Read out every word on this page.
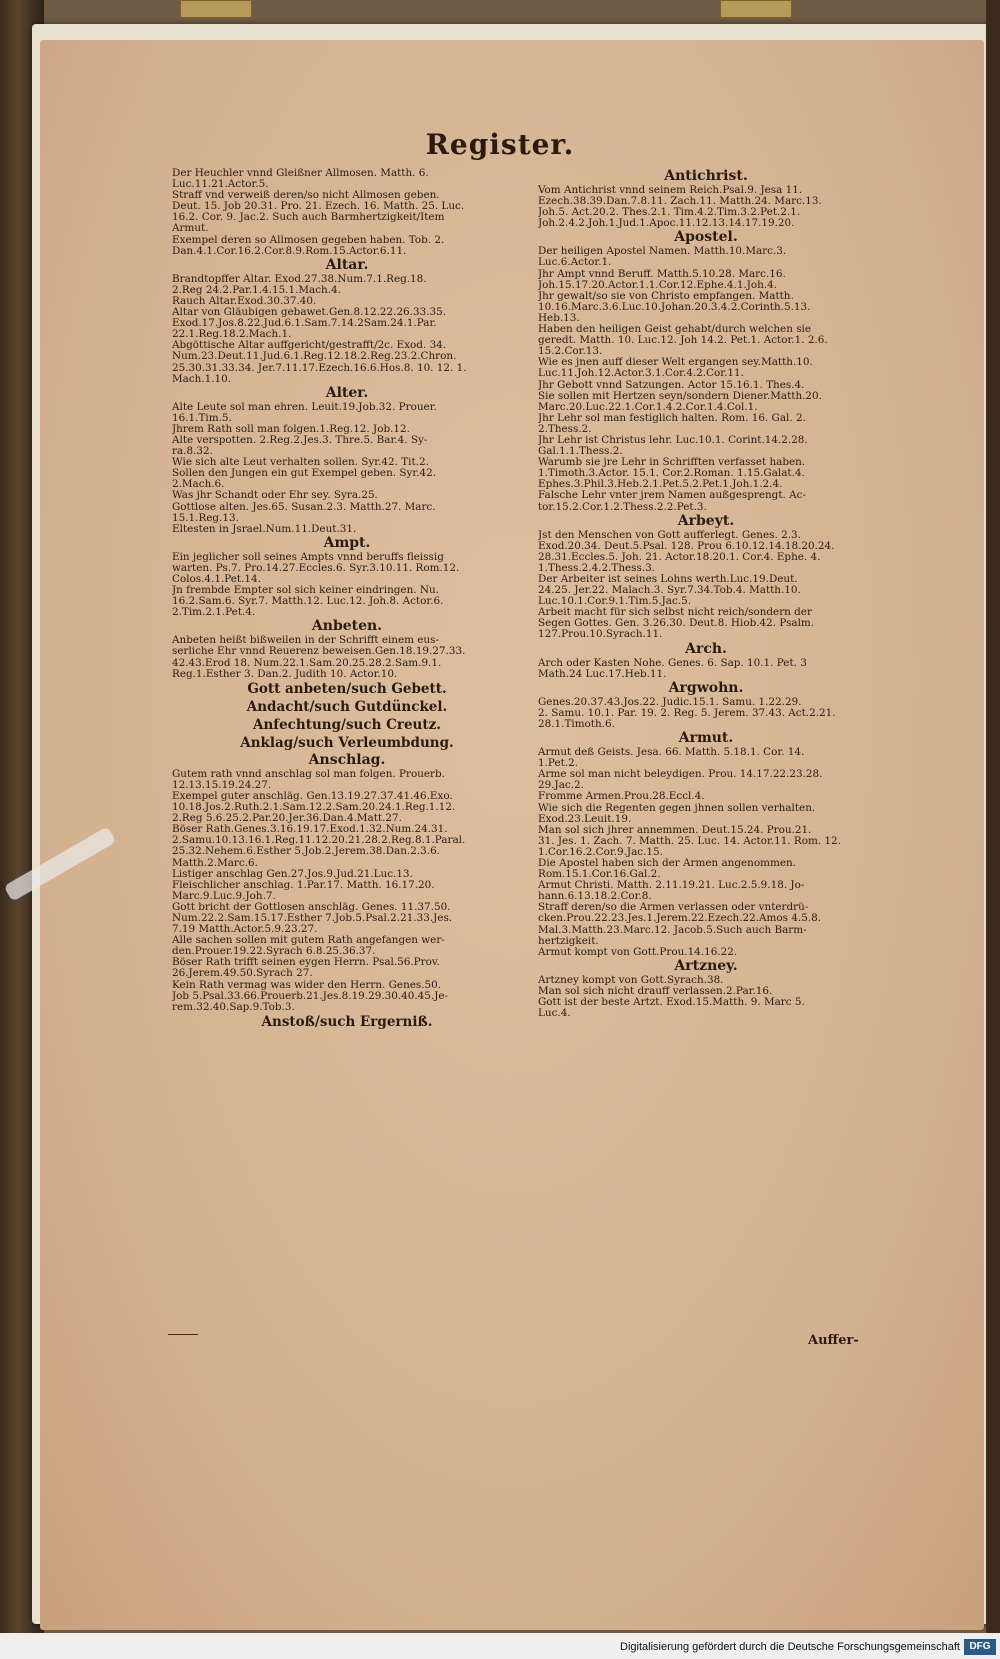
Register.
Der Heuchler vnnd Gleißner Allmosen. Matth. 6.
Luc.11.21.Actor.5.
Straff vnd verweiß deren/so nicht Allmosen geben.
Deut. 15. Job 20.31. Pro. 21. Ezech. 16. Matth. 25. Luc.
16.2. Cor. 9. Jac.2. Such auch Barmhertzigkeit/Item
Armut.
Exempel deren so Allmosen gegeben haben. Tob. 2.
Dan.4.1.Cor.16.2.Cor.8.9.Rom.15.Actor.6.11.
Altar.
Brandtopffer Altar. Exod.27.38.Num.7.1.Reg.18.
2.Reg 24.2.Par.1.4.15.1.Mach.4.
Rauch Altar.Exod.30.37.40.
Altar von Gläubigen gebawet.Gen.8.12.22.26.33.35.
Exod.17.Jos.8.22.Jud.6.1.Sam.7.14.2Sam.24.1.Par.
22.1.Reg.18.2.Mach.1.
Abgöttische Altar auffgericht/gestrafft/2c. Exod. 34.
Num.23.Deut.11.Jud.6.1.Reg.12.18.2.Reg.23.2.Chron.
25.30.31.33.34. Jer.7.11.17.Ezech.16.6.Hos.8. 10. 12. 1.
Mach.1.10.
Alter.
Alte Leute sol man ehren. Leuit.19.Job.32. Prouer.
16.1.Tim.5.
Jhrem Rath soll man folgen.1.Reg.12. Job.12.
Alte verspotten. 2.Reg.2.Jes.3. Thre.5. Bar.4. Sy-
ra.8.32.
Wie sich alte Leut verhalten sollen. Syr.42. Tit.2.
Sollen den Jungen ein gut Exempel geben. Syr.42.
2.Mach.6.
Was jhr Schandt oder Ehr sey. Syra.25.
Gottlose alten. Jes.65. Susan.2.3. Matth.27. Marc.
15.1.Reg.13.
Eltesten in Jsrael.Num.11.Deut.31.
Ampt.
Ein jeglicher soll seines Ampts vnnd beruffs fleissig
warten. Ps.7. Pro.14.27.Eccles.6. Syr.3.10.11. Rom.12.
Colos.4.1.Pet.14.
Jn frembde Empter sol sich keiner eindringen. Nu.
16.2.Sam.6. Syr.7. Matth.12. Luc.12. Joh.8. Actor.6.
2.Tim.2.1.Pet.4.
Anbeten.
Anbeten heißt bißweilen in der Schrifft einem eus-
serliche Ehr vnnd Reuerenz beweisen.Gen.18.19.27.33.
42.43.Erod 18. Num.22.1.Sam.20.25.28.2.Sam.9.1.
Reg.1.Esther 3. Dan.2. Judith 10. Actor.10.
Gott anbeten/such Gebett.
Andacht/such Gutdünckel.
Anfechtung/such Creutz.
Anklag/such Verleumbdung.
Anschlag.
Gutem rath vnnd anschlag sol man folgen. Prouerb.
12.13.15.19.24.27.
Exempel guter anschläg. Gen.13.19.27.37.41.46.Exo.
10.18.Jos.2.Ruth.2.1.Sam.12.2.Sam.20.24.1.Reg.1.12.
2.Reg 5.6.25.2.Par.20.Jer.36.Dan.4.Matt.27.
Böser Rath.Genes.3.16.19.17.Exod.1.32.Num.24.31.
2.Samu.10.13.16.1.Reg.11.12.20.21.28.2.Reg.8.1.Paral.
25.32.Nehem.6.Esther 5.Job.2.Jerem.38.Dan.2.3.6.
Matth.2.Marc.6.
Listiger anschlag Gen.27.Jos.9.Jud.21.Luc.13.
Fleischlicher anschlag. 1.Par.17. Matth. 16.17.20.
Marc.9.Luc.9.Joh.7.
Gott bricht der Gottlosen anschläg. Genes. 11.37.50.
Num.22.2.Sam.15.17.Esther 7.Job.5.Psal.2.21.33.Jes.
7.19 Matth.Actor.5.9.23.27.
Alle sachen sollen mit gutem Rath angefangen wer-
den.Prouer.19.22.Syrach 6.8.25.36.37.
Böser Rath trifft seinen eygen Herrn. Psal.56.Prov.
26.Jerem.49.50.Syrach 27.
Kein Rath vermag was wider den Herrn. Genes.50.
Job 5.Psal.33.66.Prouerb.21.Jes.8.19.29.30.40.45.Je-
rem.32.40.Sap.9.Tob.3.
Anstoß/such Ergerniß.
Antichrist.
Vom Antichrist vnnd seinem Reich.Psal.9. Jesa 11.
Ezech.38.39.Dan.7.8.11. Zach.11. Matth.24. Marc.13.
Joh.5. Act.20.2. Thes.2.1. Tim.4.2.Tim.3.2.Pet.2.1.
Joh.2.4.2.Joh.1.Jud.1.Apoc.11.12.13.14.17.19.20.
Apostel.
Der heiligen Apostel Namen. Matth.10.Marc.3.
Luc.6.Actor.1.
Jhr Ampt vnnd Beruff. Matth.5.10.28. Marc.16.
Joh.15.17.20.Actor.1.1.Cor.12.Ephe.4.1.Joh.4.
Jhr gewalt/so sie von Christo empfangen. Matth.
10.16.Marc.3.6.Luc.10.Johan.20.3.4.2.Corinth.5.13.
Heb.13.
Haben den heiligen Geist gehabt/durch welchen sie
geredt. Matth. 10. Luc.12. Joh 14.2. Pet.1. Actor.1. 2.6.
15.2.Cor.13.
Wie es jnen auff dieser Welt ergangen sey.Matth.10.
Luc.11.Joh.12.Actor.3.1.Cor.4.2.Cor.11.
Jhr Gebott vnnd Satzungen. Actor 15.16.1. Thes.4.
Sie sollen mit Hertzen seyn/sondern Diener.Matth.20.
Marc.20.Luc.22.1.Cor.1.4.2.Cor.1.4.Col.1.
Jhr Lehr sol man festiglich halten. Rom. 16. Gal. 2.
2.Thess.2.
Jhr Lehr ist Christus lehr. Luc.10.1. Corint.14.2.28.
Gal.1.1.Thess.2.
Warumb sie jre Lehr in Schrifften verfasset haben.
1.Timoth.3.Actor. 15.1. Cor.2.Roman. 1.15.Galat.4.
Ephes.3.Phil.3.Heb.2.1.Pet.5.2.Pet.1.Joh.1.2.4.
Falsche Lehr vnter jrem Namen außgesprengt. Ac-
tor.15.2.Cor.1.2.Thess.2.2.Pet.3.
Arbeyt.
Jst den Menschen von Gott aufferlegt. Genes. 2.3.
Exod.20.34. Deut.5.Psal. 128. Prou 6.10.12.14.18.20.24.
28.31.Eccles.5. Joh. 21. Actor.18.20.1. Cor.4. Ephe. 4.
1.Thess.2.4.2.Thess.3.
Der Arbeiter ist seines Lohns werth.Luc.19.Deut.
24.25. Jer.22. Malach.3. Syr.7.34.Tob.4. Matth.10.
Luc.10.1.Cor.9.1.Tim.5.Jac.5.
Arbeit macht für sich selbst nicht reich/sondern der
Segen Gottes. Gen. 3.26.30. Deut.8. Hiob.42. Psalm.
127.Prou.10.Syrach.11.
Arch.
Arch oder Kasten Nohe. Genes. 6. Sap. 10.1. Pet. 3
Math.24 Luc.17.Heb.11.
Argwohn.
Genes.20.37.43.Jos.22. Judic.15.1. Samu. 1.22.29.
2. Samu. 10.1. Par. 19. 2. Reg. 5. Jerem. 37.43. Act.2.21.
28.1.Timoth.6.
Armut.
Armut deß Geists. Jesa. 66. Matth. 5.18.1. Cor. 14.
1.Pet.2.
Arme sol man nicht beleydigen. Prou. 14.17.22.23.28.
29.Jac.2.
Fromme Armen.Prou.28.Eccl.4.
Wie sich die Regenten gegen jhnen sollen verhalten.
Exod.23.Leuit.19.
Man sol sich jhrer annemmen. Deut.15.24. Prou.21.
31. Jes. 1. Zach. 7. Matth. 25. Luc. 14. Actor.11. Rom. 12.
1.Cor.16.2.Cor.9.Jac.15.
Die Apostel haben sich der Armen angenommen.
Rom.15.1.Cor.16.Gal.2.
Armut Christi. Matth. 2.11.19.21. Luc.2.5.9.18. Jo-
hann.6.13.18.2.Cor.8.
Straff deren/so die Armen verlassen oder vnterdrü-
cken.Prou.22.23.Jes.1.Jerem.22.Ezech.22.Amos 4.5.8.
Mal.3.Matth.23.Marc.12. Jacob.5.Such auch Barm-
hertzigkeit.
Armut kompt von Gott.Prou.14.16.22.
Artzney.
Artzney kompt von Gott.Syrach.38.
Man sol sich nicht drauff verlassen.2.Par.16.
Gott ist der beste Artzt. Exod.15.Matth. 9. Marc 5.
Luc.4.
Auffer-
Digitalisierung gefördert durch die Deutsche Forschungsgemeinschaft DFG
